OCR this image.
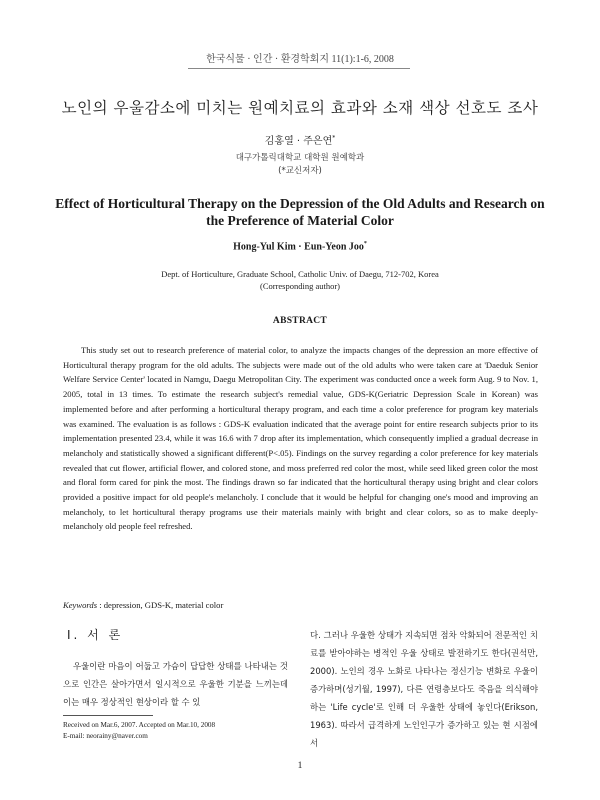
한국식물 · 인간 · 환경학회지 11(1):1-6, 2008
노인의 우울감소에 미치는 원예치료의 효과와 소재 색상 선호도 조사
김홍열 · 주은연*
대구가톨릭대학교 대학원 원예학과
(*교신저자)
Effect of Horticultural Therapy on the Depression of the Old Adults and Research on the Preference of Material Color
Hong-Yul Kim · Eun-Yeon Joo*
Dept. of Horticulture, Graduate School, Catholic Univ. of Daegu, 712-702, Korea
(Corresponding author)
ABSTRACT

This study set out to research preference of material color, to analyze the impacts changes of the depression an more effective of Horticultural therapy program for the old adults. The subjects were made out of the old adults who were taken care at 'Daeduk Senior Welfare Service Center' located in Namgu, Daegu Metropolitan City. The experiment was conducted once a week form Aug. 9 to Nov. 1, 2005, total in 13 times. To estimate the research subject's remedial value, GDS-K(Geriatric Depression Scale in Korean) was implemented before and after performing a horticultural therapy program, and each time a color preference for program key materials was examined. The evaluation is as follows : GDS-K evaluation indicated that the average point for entire research subjects prior to its implementation presented 23.4, while it was 16.6 with 7 drop after its implementation, which consequently implied a gradual decrease in melancholy and statistically showed a significant different(P<.05). Findings on the survey regarding a color preference for key materials revealed that cut flower, artificial flower, and colored stone, and moss preferred red color the most, while seed liked green color the most and floral form cared for pink the most. The findings drawn so far indicated that the horticultural therapy using bright and clear colors provided a positive impact for old people's melancholy. I conclude that it would be helpful for changing one's mood and improving an melancholy, to let horticultural therapy programs use their materials mainly with bright and clear colors, so as to make deeply-melancholy old people feel refreshed.

Keywords : depression, GDS-K, material color
Ⅰ. 서 론

우울이란 마음이 어둡고 가슴이 답답한 상태를 나타내는 것으로 인간은 살아가면서 일시적으로 우울한 기분을 느끼는데 이는 매우 정상적인 현상이라 할 수 있

Received on Mar.6, 2007. Accepted on Mar.10, 2008
E-mail: neorainy@naver.com

다. 그러나 우울한 상태가 지속되면 점차 악화되어 전문적인 치료를 받아야하는 병적인 우울 상태로 발전하기도 한다(권석만, 2000). 노인의 경우 노화로 나타나는 정신기능 변화로 우울이 증가하며(성기월, 1997), 다른 연령층보다도 죽음을 의식해야 하는 'Life cycle'로 인해 더 우울한 상태에 놓인다(Erikson, 1963). 따라서 급격하게 노인인구가 증가하고 있는 현 시점에서

1
